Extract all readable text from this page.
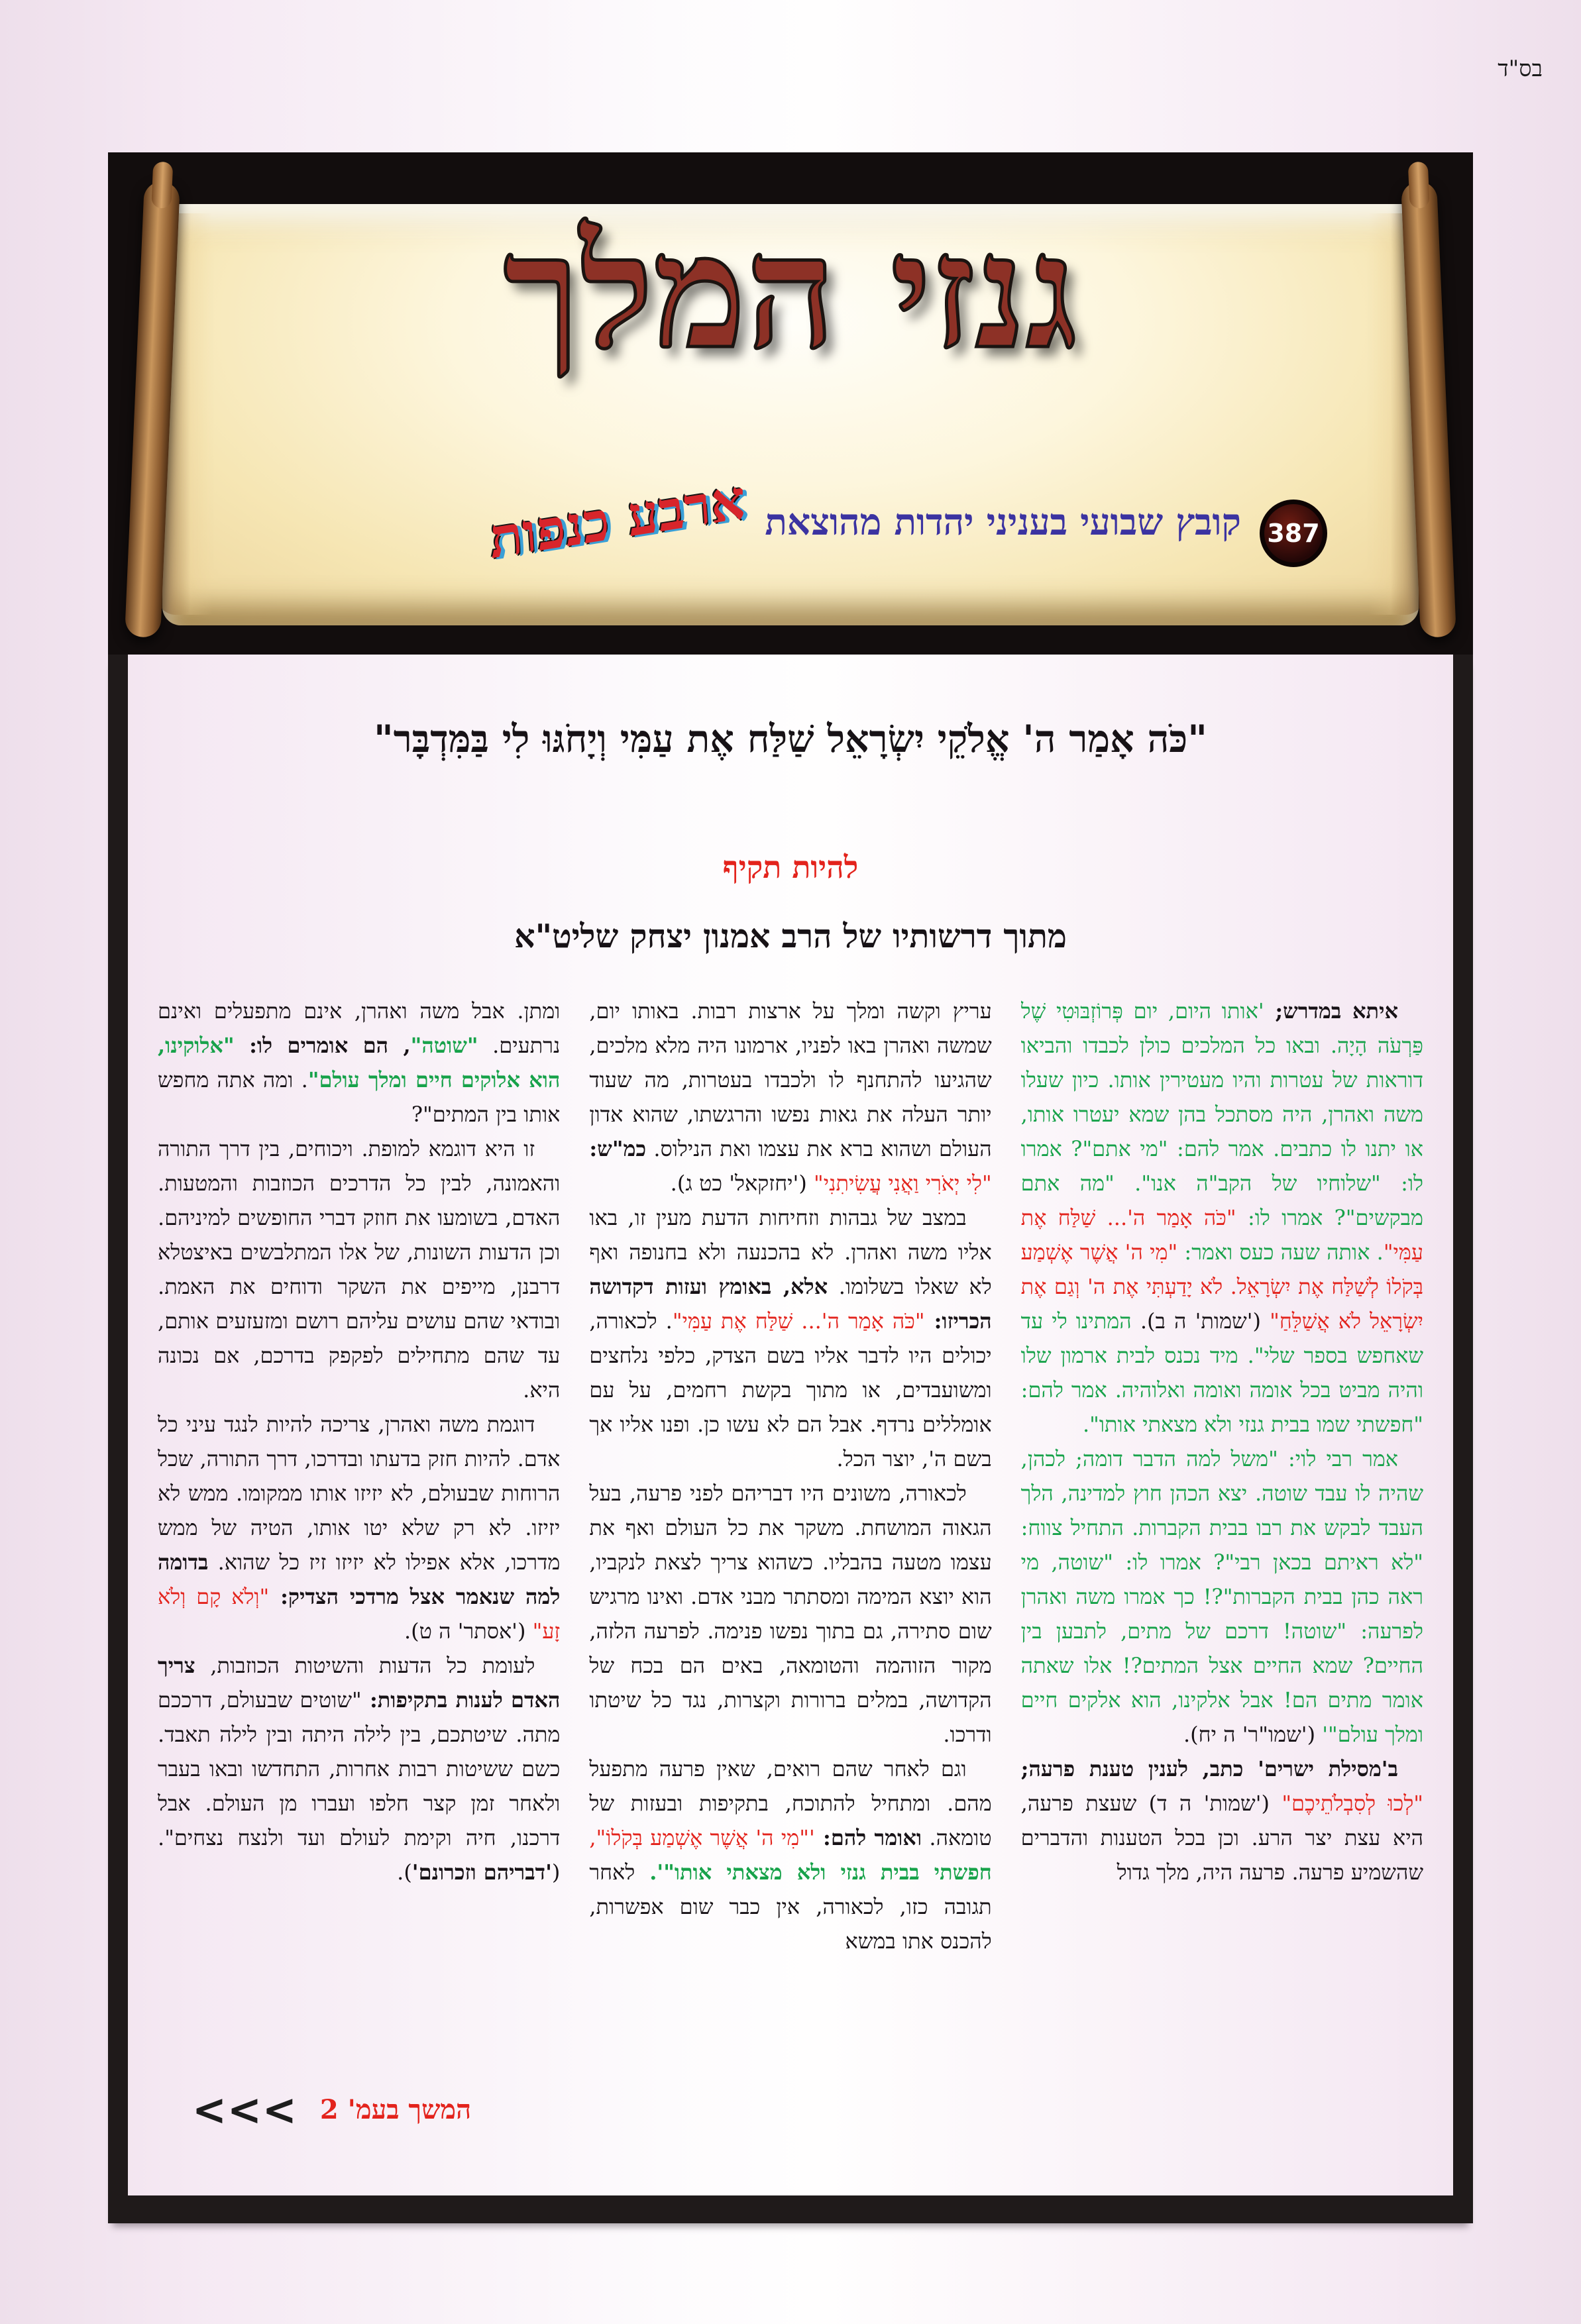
בס"ד
גנזי המלך
387
קובץ שבועי בעניני יהדות מהוצאת
ארבע כנפות
"כֹּה אָמַר ה' אֱלֹקֵי יִשְׂרָאֵל שַׁלַּח אֶת עַמִּי וְיָחֹגּוּ לִי בַּמִּדְבָּר"
להיות תקיף
מתוך דרשותיו של הרב אמנון יצחק שליט"א

איתא במדרש; 'אותו היום, יום פְּרוֹזְבּוּטִי שֶׁל פַּרְעֹה הָיָה. ובאו כל המלכים כולן לכבדו והביאו דוראות של עטרות והיו מעטירין אותו. כיון שעלו משה ואהרן, היה מסתכל בהן שמא יעטרו אותו, או יתנו לו כתבים. אמר להם: "מי אתם"? אמרו לו: "שלוחיו של הקב"ה אנו". "מה אתם מבקשים"? אמרו לו: "כֹּה אָמַר ה'... שַׁלַּח אֶת עַמִּי". אותה שעה כעס ואמר: "מִי ה' אֲשֶׁר אֶשְׁמַע בְּקֹלוֹ לְשַׁלַּח אֶת יִשְׂרָאֵל. לֹא יָדַעְתִּי אֶת ה' וְגַם אֶת יִשְׂרָאֵל לֹא אֲשַׁלֵּחַ" ('שמות' ה ב). המתינו לי עד שאחפש בספר שלי". מיד נכנס לבית ארמון שלו והיה מביט בכל אומה ואומה ואלוהיה. אמר להם: "חפשתי שמו בבית גנזי ולא מצאתי אותו".

אמר רבי לוי: "משל למה הדבר דומה; לכהן, שהיה לו עבד שוטה. יצא הכהן חוץ למדינה, הלך העבד לבקש את רבו בבית הקברות. התחיל צווח: "לא ראיתם בכאן רבי"? אמרו לו: "שוטה, מי ראה כהן בבית הקברות"?! כך אמרו משה ואהרן לפרעה: "שוטה! דרכם של מתים, לתבען בין החיים? שמא החיים אצל המתים?! אלו שאתה אומר מתים הם! אבל אלקינו, הוא אלקים חיים ומלך עולם"' ('שמו"ר' ה יח).

ב'מסילת ישרים' כתב, לענין טענת פרעה; "לְכוּ לְסִבְלֹתֵיכֶם" ('שמות' ה ד) שעצת פרעה, היא עצת יצר הרע. וכן בכל הטענות והדברים שהשמיע פרעה. פרעה היה, מלך גדול

עריץ וקשה ומלך על ארצות רבות. באותו יום, שמשה ואהרן באו לפניו, ארמונו היה מלא מלכים, שהגיעו להתחנף לו ולכבדו בעטרות, מה שעוד יותר העלה את גאות נפשו והרגשתו, שהוא אדון העולם ושהוא ברא את עצמו ואת הנילוס. כמ"ש: "לִי יְאֹרִי וַאֲנִי עֲשִׂיתִנִי" ('יחזקאל' כט ג).

במצב של גבהות וזחיחות הדעת מעין זו, באו אליו משה ואהרן. לא בהכנעה ולא בחנופה ואף לא שאלו בשלומו. אלא, באומץ ועזות דקדושה הכריזו: "כֹּה אָמַר ה'... שַׁלַּח אֶת עַמִּי". לכאורה, יכולים היו לדבר אליו בשם הצדק, כלפי נלחצים ומשועבדים, או מתוך בקשת רחמים, על עם אומללים נרדף. אבל הם לא עשו כן. ופנו אליו אך בשם ה', יוצר הכל.

לכאורה, משונים היו דבריהם לפני פרעה, בעל הגאוה המושחת. משקר את כל העולם ואף את עצמו מטעה בהבליו. כשהוא צריך לצאת לנקביו, הוא יוצא המימה ומסתתר מבני אדם. ואינו מרגיש שום סתירה, גם בתוך נפשו פנימה. לפרעה הלזה, מקור הזוהמה והטומאה, באים הם בכח של הקדושה, במלים ברורות וקצרות, נגד כל שיטתו ודרכו.

וגם לאחר שהם רואים, שאין פרעה מתפעל מהם. ומתחיל להתוכח, בתקיפות ובעזות של טומאה. ואומר להם: '"מִי ה' אֲשֶׁר אֶשְׁמַע בְּקֹלוֹ", חפשתי בבית גנזי ולא מצאתי אותו"'. לאחר תגובה כזו, לכאורה, אין כבר שום אפשרות, להכנס אתו במשא

ומתן. אבל משה ואהרן, אינם מתפעלים ואינם נרתעים. "שוטה", הם אומרים לו: "אלוקינו, הוא אלוקים חיים ומלך עולם". ומה אתה מחפש אותו בין המתים"?

זו היא דוגמא למופת. ויכוחים, בין דרך התורה והאמונה, לבין כל הדרכים הכוזבות והמטעות. האדם, בשומעו את חוזק דברי החופשים למיניהם. וכן הדעות השונות, של אלו המתלבשים באיצטלא דרבנן, מייפים את השקר ודוחים את האמת. ובודאי שהם עושים עליהם רושם ומזעזעים אותם, עד שהם מתחילים לפקפק בדרכם, אם נכונה היא.

דוגמת משה ואהרן, צריכה להיות לנגד עיני כל אדם. להיות חזק בדעתו ובדרכו, דרך התורה, שכל הרוחות שבעולם, לא יזיזו אותו ממקומו. ממש לא יזיזו. לא רק שלא יטו אותו, הטיה של ממש מדרכו, אלא אפילו לא יזיזו זיז כל שהוא. בדומה למה שנאמר אצל מרדכי הצדיק: "וְלֹא קָם וְלֹא זָע" ('אסתר' ה ט).

לעומת כל הדעות והשיטות הכוזבות, צריך האדם לענות בתקיפות: "שוטים שבעולם, דרככם מתה. שיטתכם, בין לילה היתה ובין לילה תאבד. כשם ששיטות רבות אחרות, התחדשו ובאו בעבר ולאחר זמן קצר חלפו ועברו מן העולם. אבל דרכנו, חיה וקימת לעולם ועד ולנצח נצחים". ('דבריהם וזכרונם').

<<< המשך בעמ' 2
